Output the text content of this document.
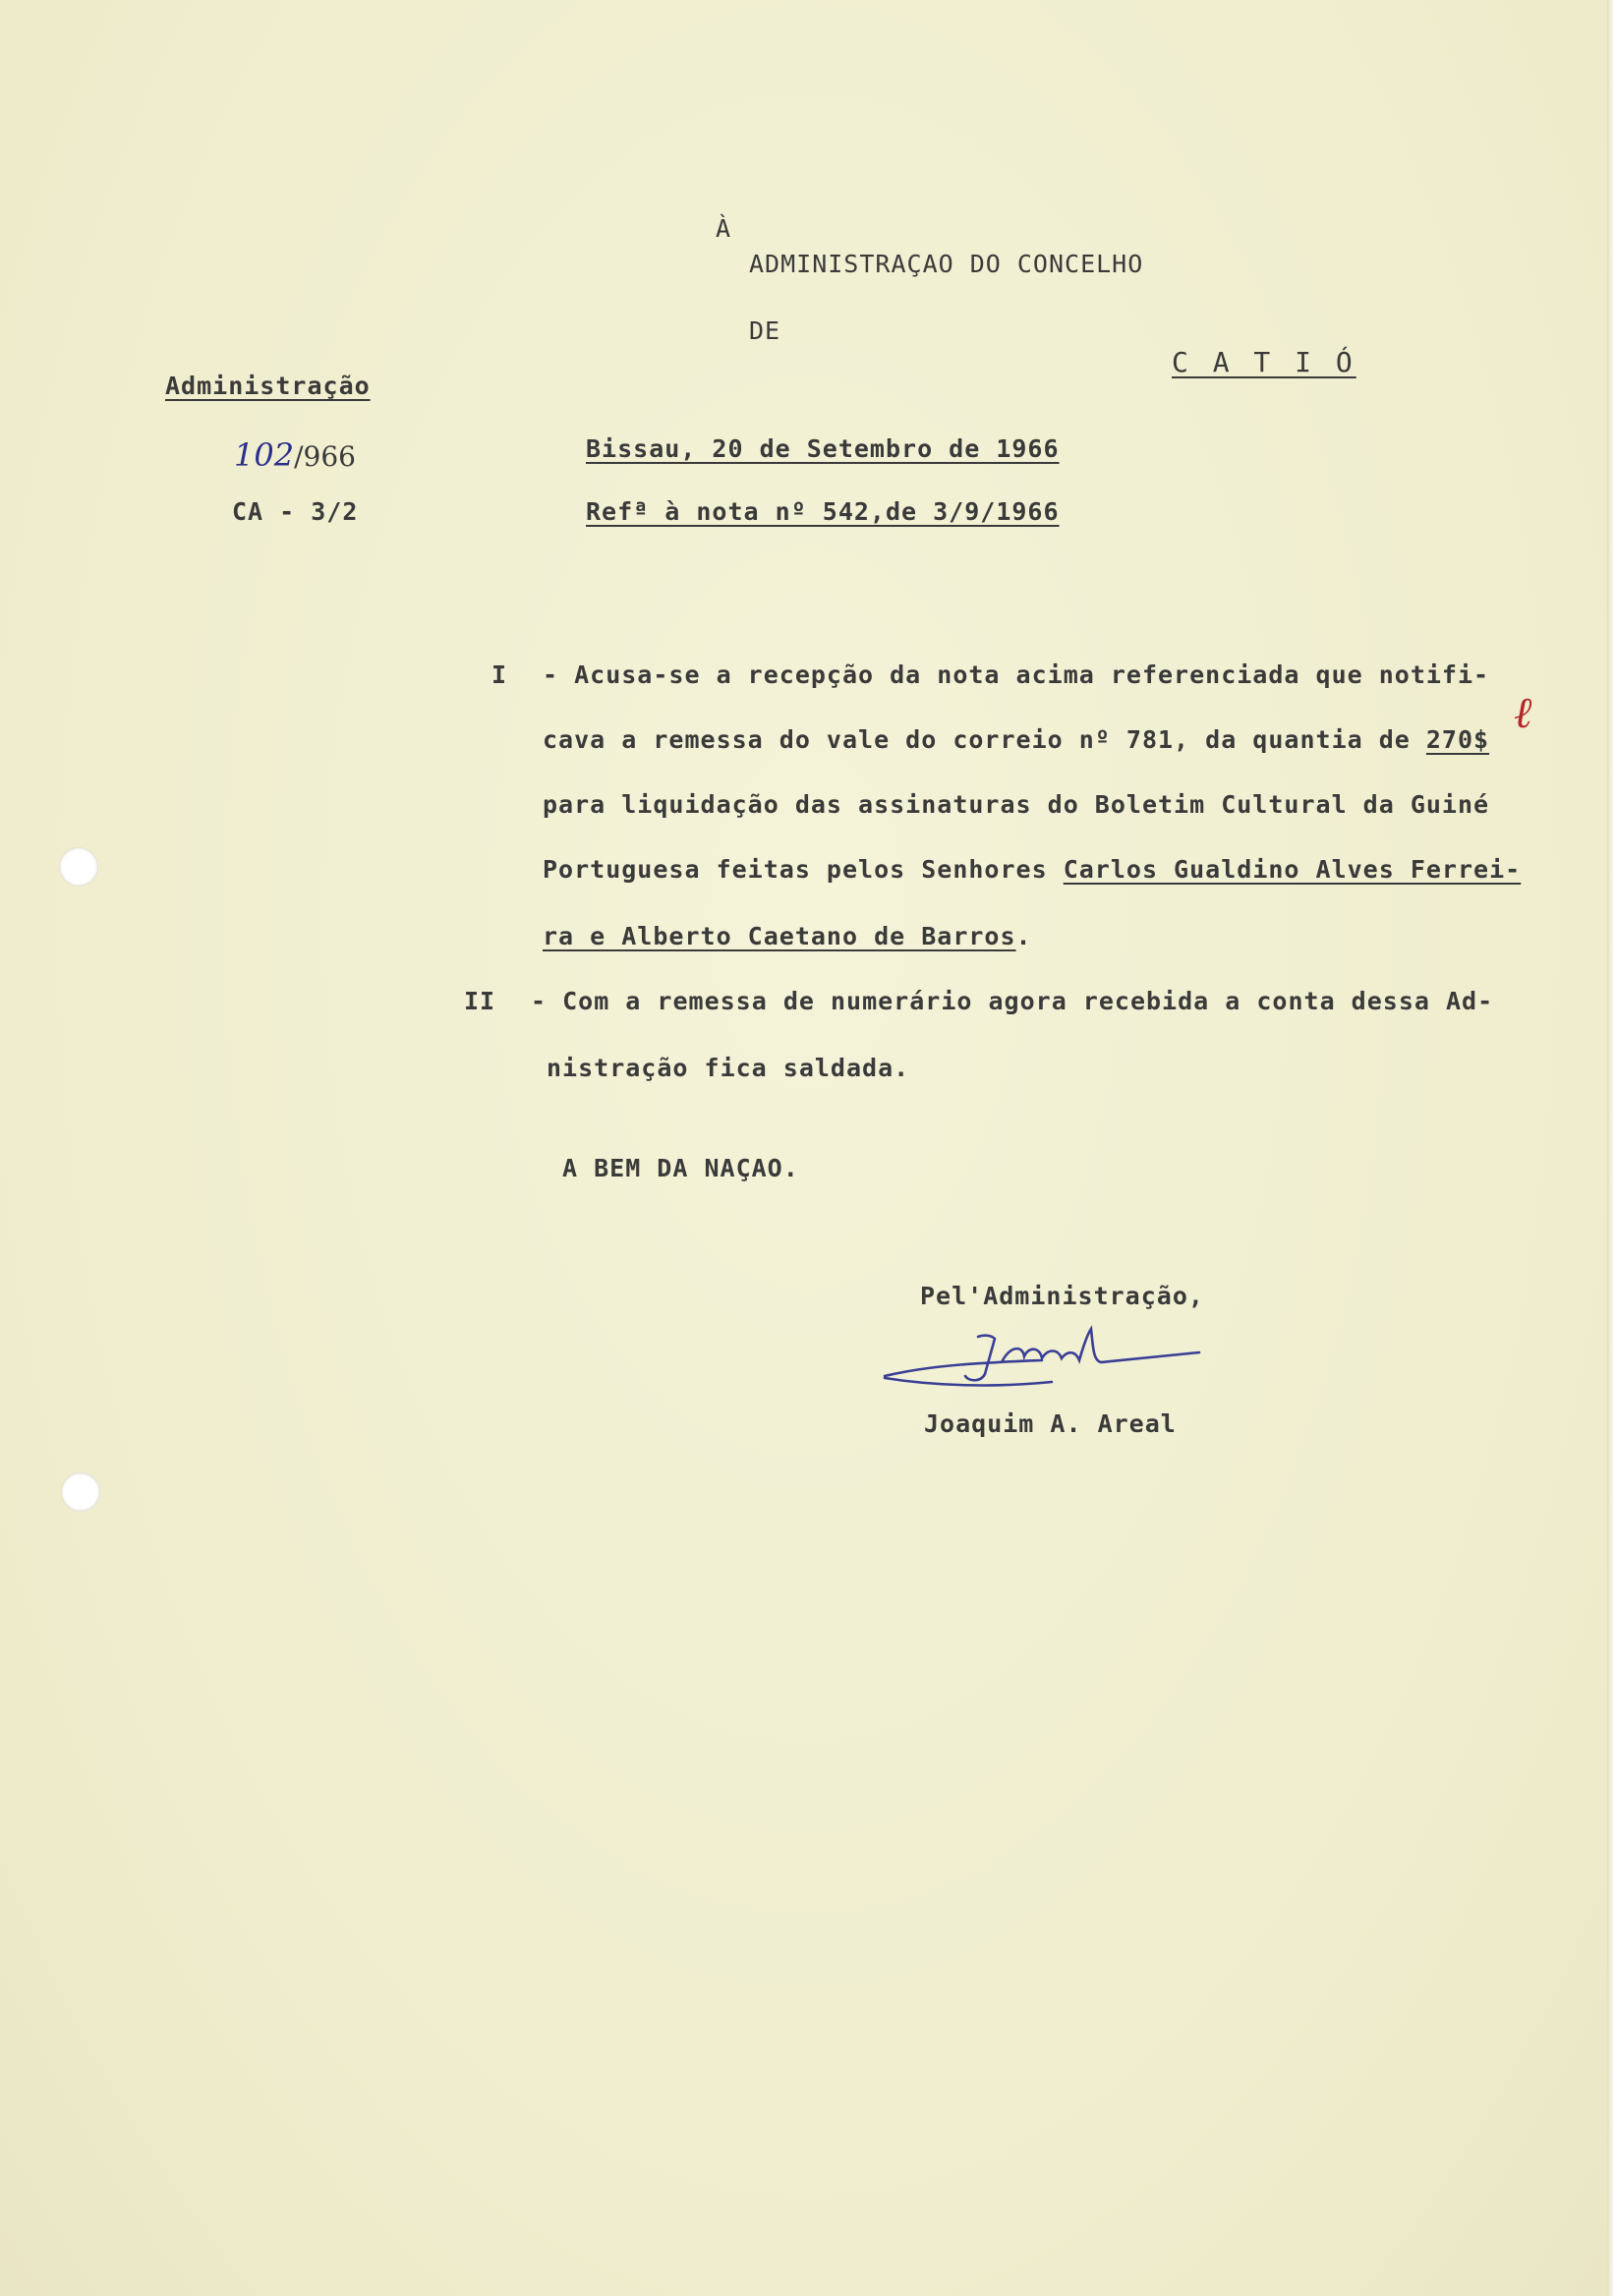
À
ADMINISTRAÇAO DO CONCELHO
DE
C A T I Ó
Administração
102/966
CA - 3/2
Bissau, 20 de Setembro de 1966
Refª à nota nº 542,de 3/9/1966
I - Acusa-se a recepção da nota acima referenciada que notifi-
cava a remessa do vale do correio nº 781, da quantia de 270$
ℓ
para liquidação das assinaturas do Boletim Cultural da Guiné
Portuguesa feitas pelos Senhores Carlos Gualdino Alves Ferrei-
ra e Alberto Caetano de Barros.
II - Com a remessa de numerário agora recebida a conta dessa Ad-
nistração fica saldada.
A BEM DA NAÇAO.
Pel'Administração,
Joaquim A. Areal
